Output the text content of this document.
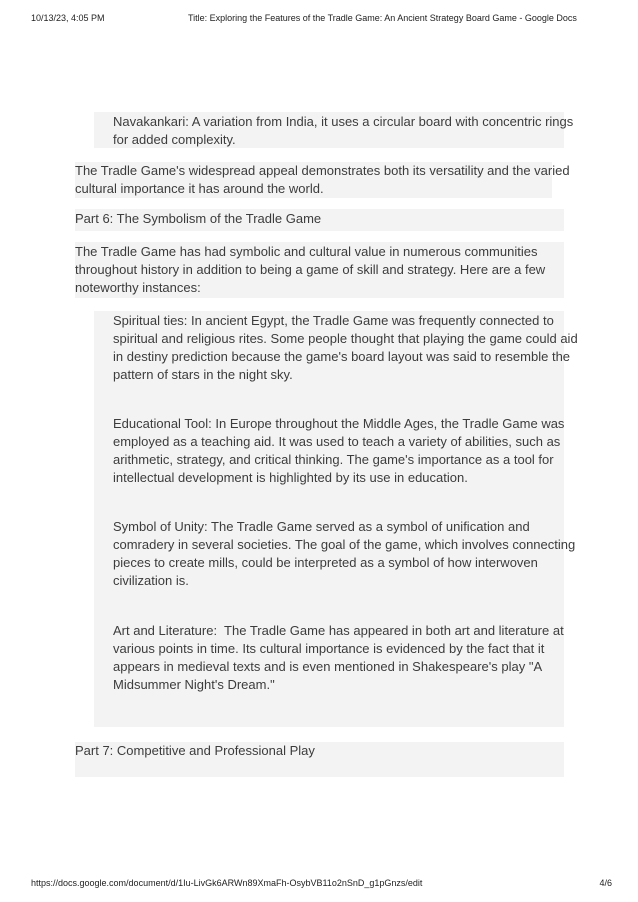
10/13/23, 4:05 PM	Title: Exploring the Features of the Tradle Game: An Ancient Strategy Board Game - Google Docs

Navakankari: A variation from India, it uses a circular board with concentric rings
for added complexity.

The Tradle Game's widespread appeal demonstrates both its versatility and the varied
cultural importance it has around the world.

Part 6: The Symbolism of the Tradle Game

The Tradle Game has had symbolic and cultural value in numerous communities
throughout history in addition to being a game of skill and strategy. Here are a few
noteworthy instances:

Spiritual ties: In ancient Egypt, the Tradle Game was frequently connected to
spiritual and religious rites. Some people thought that playing the game could aid
in destiny prediction because the game's board layout was said to resemble the
pattern of stars in the night sky.

Educational Tool: In Europe throughout the Middle Ages, the Tradle Game was
employed as a teaching aid. It was used to teach a variety of abilities, such as
arithmetic, strategy, and critical thinking. The game's importance as a tool for
intellectual development is highlighted by its use in education.

Symbol of Unity: The Tradle Game served as a symbol of unification and
comradery in several societies. The goal of the game, which involves connecting
pieces to create mills, could be interpreted as a symbol of how interwoven
civilization is.

Art and Literature:  The Tradle Game has appeared in both art and literature at
various points in time. Its cultural importance is evidenced by the fact that it
appears in medieval texts and is even mentioned in Shakespeare's play "A
Midsummer Night's Dream."

Part 7: Competitive and Professional Play

https://docs.google.com/document/d/1Iu-LivGk6ARWn89XmaFh-OsybVB11o2nSnD_g1pGnzs/edit	4/6
